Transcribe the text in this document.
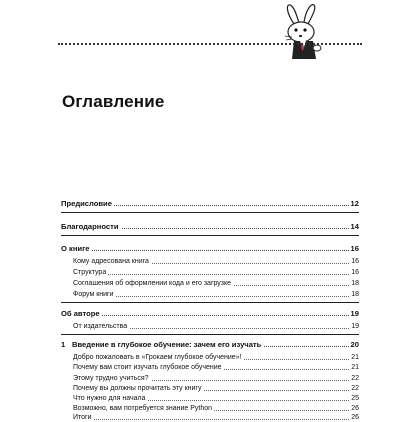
Оглавление
Предисловие	12
Благодарности	14
О книге	16
Кому адресована книга	16
Структура	16
Соглашения об оформлении кода и его загрузке	18
Форум книги	18
Об авторе	19
От издательства	19
1 Введение в глубокое обучение: зачем его изучать	20
Добро пожаловать в «Грокаем глубокое обучение»!	21
Почему вам стоит изучать глубокое обучение	21
Этому трудно учиться?	22
Почему вы должны прочитать эту книгу	22
Что нужно для начала	25
Возможно, вам потребуется знание Python	26
Итоги	26
